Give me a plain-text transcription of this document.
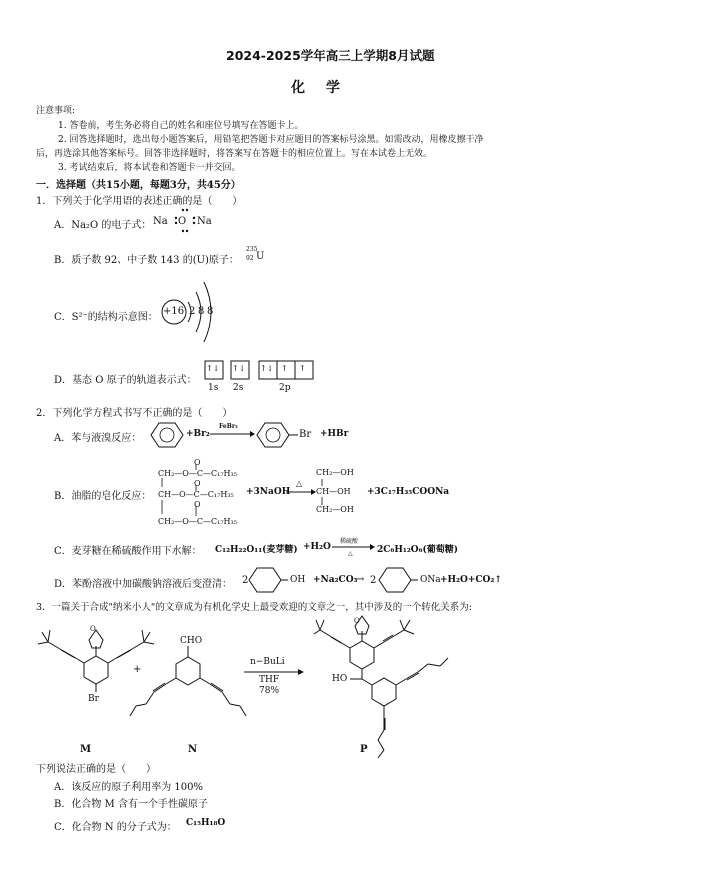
2024-2025学年高三上学期8月试题
化 学
注意事项:
1. 答卷前，考生务必将自己的姓名和座位号填写在答题卡上。
2. 回答选择题时，选出每小题答案后，用铅笔把答题卡对应题目的答案标号涂黑。如需改动，用橡皮擦干净
后，再选涂其他答案标号。回答非选择题时，将答案写在答题卡的相应位置上。写在本试卷上无效。
3. 考试结束后，将本试卷和答题卡一并交回。
一．选择题（共15小题，每题3分，共45分）
1．下列关于化学用语的表述正确的是（　　）
A．Na₂O 的电子式： Na O Na
B．质子数 92、中子数 143 的(U)原子：
235
92 U
C．S²⁻的结构示意图：
+16 2 8 8
D．基态 O 原子的轨道表示式：
↑↓ ↑↓ ↑↓ ↑ ↑
1s 2s	2p
2．下列化学方程式书写不正确的是（　　）
A．苯与液溴反应：	+Br₂
FeBr₃
Br +HBr
B．油脂的皂化反应：
O
CH₂—O—C—C₁₇H₃₅
O
CH—O—C—C₁₇H₃₅
O
CH₂—O—C—C₁₇H₃₅
+3NaOH
△
CH₂—OH
CH—OH
CH₂—OH
+3C₁₇H₃₅COONa
C．麦芽糖在稀硫酸作用下水解： C₁₂H₂₂O₁₁(麦芽糖) +H₂O
稀硫酸
△	2C₆H₁₂O₆(葡萄糖)
D．苯酚溶液中加碳酸钠溶液后变澄清： 2	OH +Na₂CO₃
→ 2	ONa +H₂O+CO₂↑
3．一篇关于合成"纳米小人"的文章成为有机化学史上最受欢迎的文章之一，其中涉及的一个转化关系为:
O
Br
M
+
CHO
N
n−BuLi
THF
78%
O
HO
P
下列说法正确的是（　　）
A．该反应的原子利用率为 100%
B．化合物 M 含有一个手性碳原子
C．化合物 N 的分子式为： C₁₅H₁₈O
